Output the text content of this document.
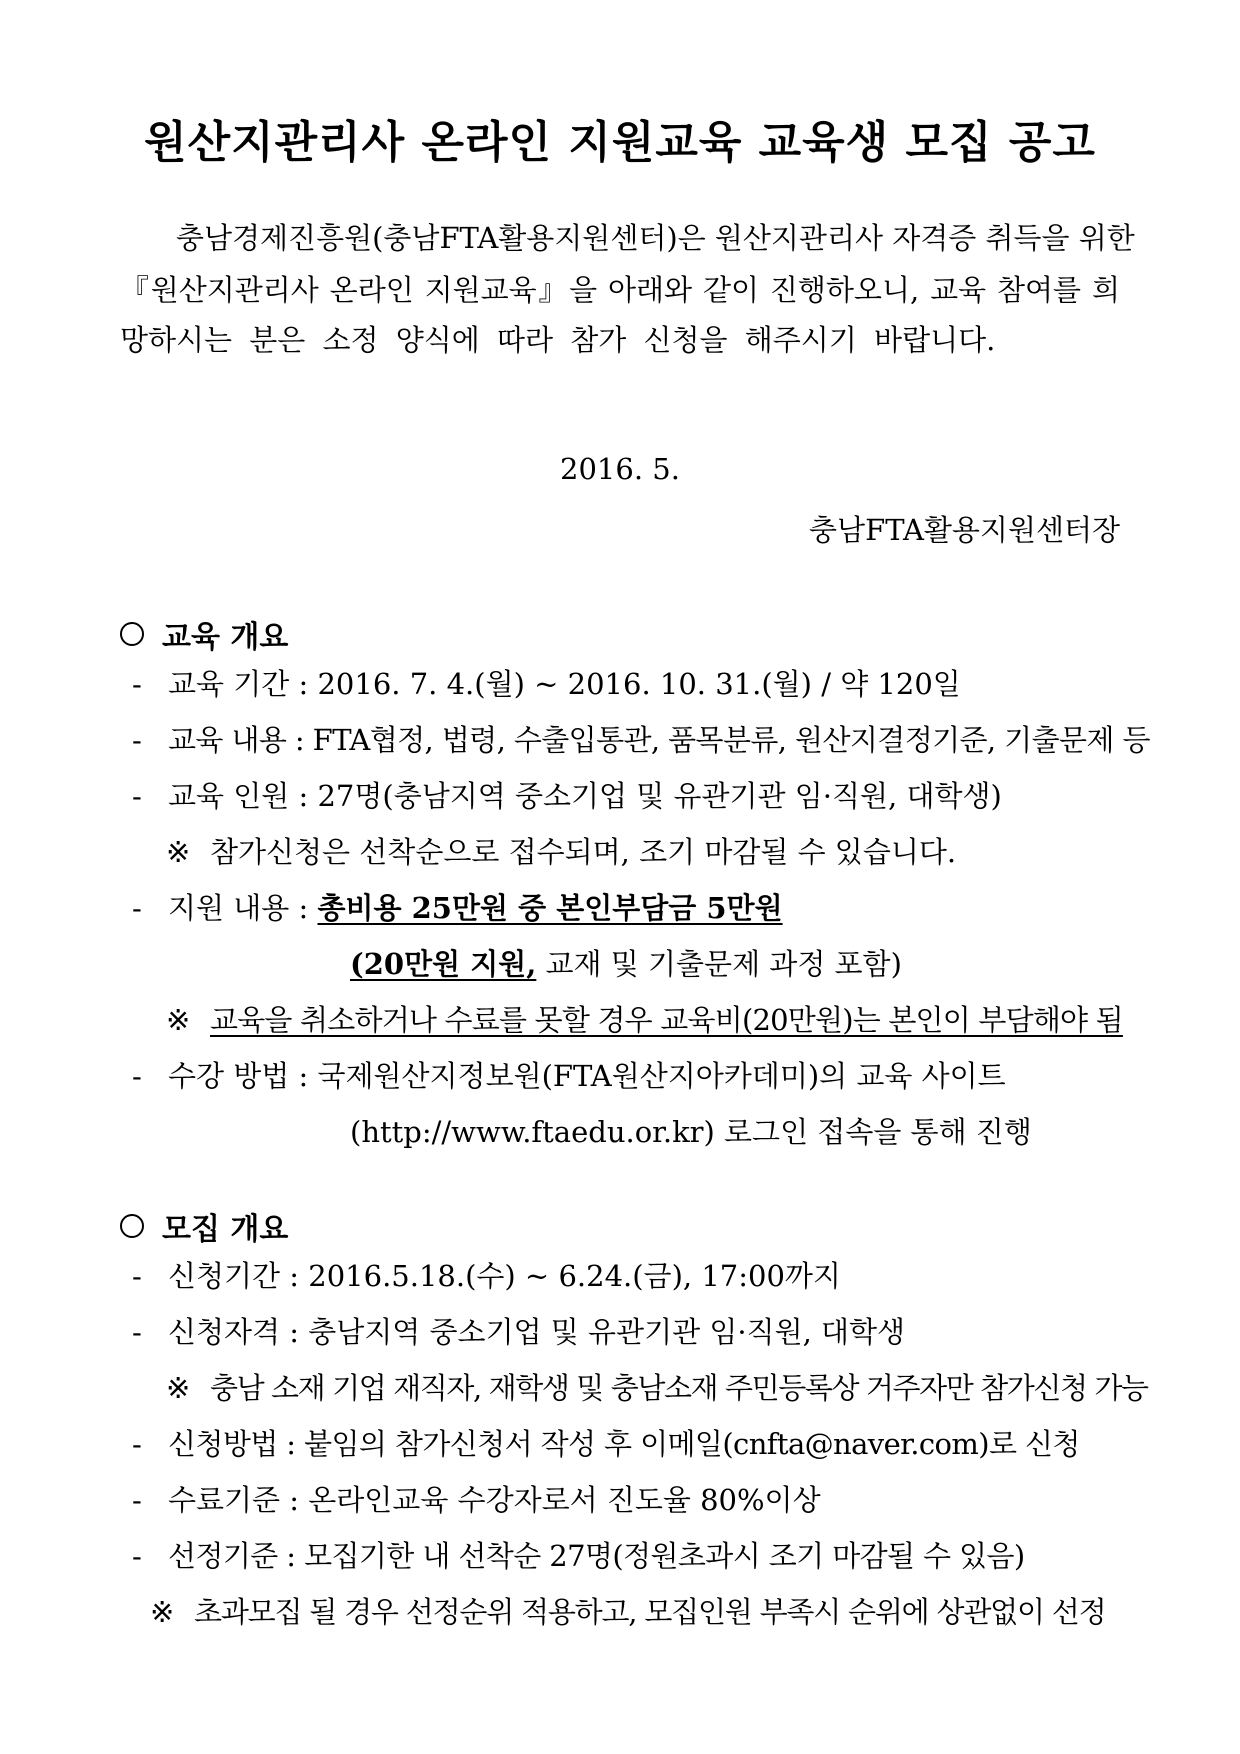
원산지관리사 온라인 지원교육 교육생 모집 공고

충남경제진흥원(충남FTA활용지원센터)은 원산지관리사 자격증 취득을 위한

『원산지관리사 온라인 지원교육』을 아래와 같이 진행하오니, 교육 참여를 희

망하시는 분은 소정 양식에 따라 참가 신청을 해주시기 바랍니다.

2016. 5.

충남FTA활용지원센터장

교육 개요

- 교육 기간 : 2016. 7. 4.(월) ~ 2016. 10. 31.(월) / 약 120일

- 교육 내용 : FTA협정, 법령, 수출입통관, 품목분류, 원산지결정기준, 기출문제 등

- 교육 인원 : 27명(충남지역 중소기업 및 유관기관 임·직원, 대학생)

※ 참가신청은 선착순으로 접수되며, 조기 마감될 수 있습니다.

- 지원 내용 : 총비용 25만원 중 본인부담금 5만원

(20만원 지원, 교재 및 기출문제 과정 포함)

※ 교육을 취소하거나 수료를 못할 경우 교육비(20만원)는 본인이 부담해야 됨

- 수강 방법 : 국제원산지정보원(FTA원산지아카데미)의 교육 사이트

(http://www.ftaedu.or.kr) 로그인 접속을 통해 진행

모집 개요

- 신청기간 : 2016.5.18.(수) ~ 6.24.(금), 17:00까지

- 신청자격 : 충남지역 중소기업 및 유관기관 임·직원, 대학생

※ 충남 소재 기업 재직자, 재학생 및 충남소재 주민등록상 거주자만 참가신청 가능

- 신청방법 : 붙임의 참가신청서 작성 후 이메일(cnfta@naver.com)로 신청

- 수료기준 : 온라인교육 수강자로서 진도율 80%이상

- 선정기준 : 모집기한 내 선착순 27명(정원초과시 조기 마감될 수 있음)

※ 초과모집 될 경우 선정순위 적용하고, 모집인원 부족시 순위에 상관없이 선정
